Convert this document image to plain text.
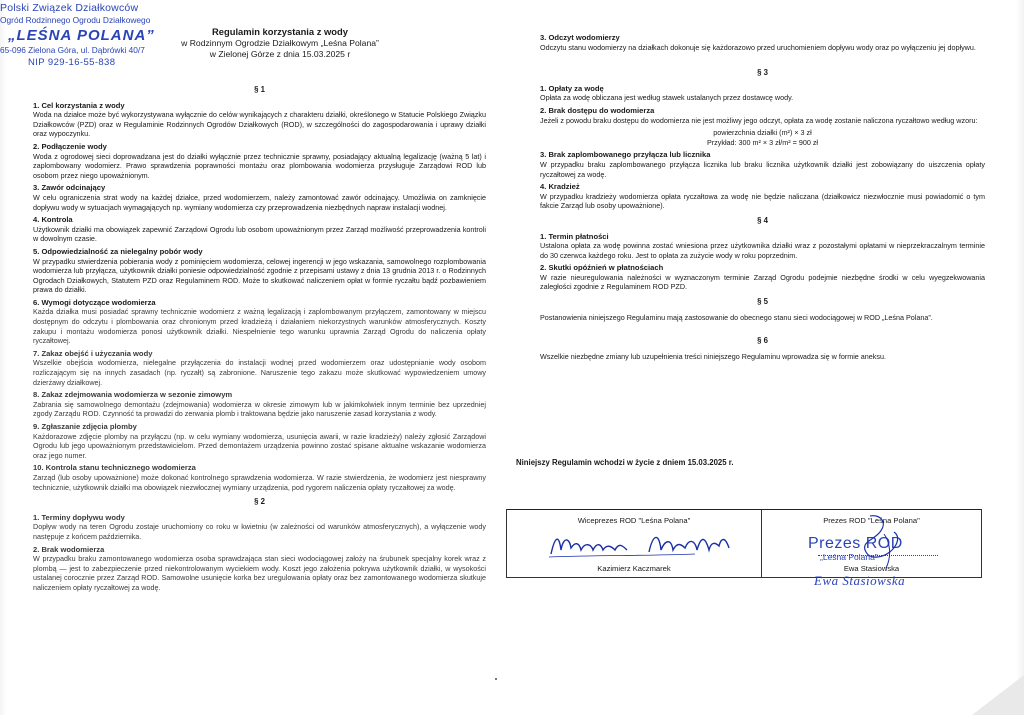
Polski Związek Działkowców
Ogród Rodzinnego Ogrodu Działkowego
„LEŚNA POLANA”
65-096 Zielona Góra, ul. Dąbrówki 40/7
NIP 929-16-55-838
Regulamin korzystania z wody
w Rodzinnym Ogrodzie Działkowym „Leśna Polana”
w Zielonej Górze z dnia 15.03.2025 r
§ 1

1. Cel korzystania z wody

Woda na działce może być wykorzystywana wyłącznie do celów wynikających z charakteru działki, określonego w Statucie Polskiego Związku Działkowców (PZD) oraz w Regulaminie Rodzinnych Ogrodów Działkowych (ROD), w szczególności do zagospodarowania i uprawy działki oraz wypoczynku.

2. Podłączenie wody

Woda z ogrodowej sieci doprowadzana jest do działki wyłącznie przez technicznie sprawny, posiadający aktualną legalizację (ważną 5 lat) i zaplombowany wodomierz. Prawo sprawdzenia poprawności montażu oraz plombowania wodomierza przysługuje Zarządowi ROD lub osobom przez niego upoważnionym.

3. Zawór odcinający

W celu ograniczenia strat wody na każdej działce, przed wodomierzem, należy zamontować zawór odcinający. Umożliwia on zamknięcie dopływu wody w sytuacjach wymagających np. wymiany wodomierza czy przeprowadzenia niezbędnych napraw instalacji wodnej.

4. Kontrola

Użytkownik działki ma obowiązek zapewnić Zarządowi Ogrodu lub osobom upoważnionym przez Zarząd możliwość przeprowadzenia kontroli w dowolnym czasie.

5. Odpowiedzialność za nielegalny pobór wody

W przypadku stwierdzenia pobierania wody z pominięciem wodomierza, celowej ingerencji w jego wskazania, samowolnego rozplombowania wodomierza lub przyłącza, użytkownik działki poniesie odpowiedzialność zgodnie z przepisami ustawy z dnia 13 grudnia 2013 r. o Rodzinnych Ogrodach Działkowych, Statutem PZD oraz Regulaminem ROD. Może to skutkować naliczeniem opłat w formie ryczałtu bądź pozbawieniem prawa do działki.

6. Wymogi dotyczące wodomierza

Każda działka musi posiadać sprawny technicznie wodomierz z ważną legalizacją i zaplombowanym przyłączem, zamontowany w miejscu dostępnym do odczytu i plombowania oraz chronionym przed kradzieżą i działaniem niekorzystnych warunków atmosferycznych. Koszty zakupu i montażu wodomierza ponosi użytkownik działki. Niespełnienie tego warunku uprawnia Zarząd Ogrodu do naliczenia opłaty ryczałtowej.

7. Zakaz obejść i użyczania wody

Wszelkie obejścia wodomierza, nielegalne przyłączenia do instalacji wodnej przed wodomierzem oraz udostępnianie wody osobom rozliczającym się na innych zasadach (np. ryczałt) są zabronione. Naruszenie tego zakazu może skutkować wypowiedzeniem umowy dzierżawy działkowej.

8. Zakaz zdejmowania wodomierza w sezonie zimowym

Zabrania się samowolnego demontażu (zdejmowania) wodomierza w okresie zimowym lub w jakimkolwiek innym terminie bez uprzedniej zgody Zarządu ROD. Czynność ta prowadzi do zerwania plomb i traktowana będzie jako naruszenie zasad korzystania z wody.

9. Zgłaszanie zdjęcia plomby

Każdorazowe zdjęcie plomby na przyłączu (np. w celu wymiany wodomierza, usunięcia awarii, w razie kradzieży) należy zgłosić Zarządowi Ogrodu lub jego upoważnionym przedstawicielom. Przed demontażem urządzenia powinno zostać spisane aktualne wskazanie wodomierza oraz jego numer.

10. Kontrola stanu technicznego wodomierza

Zarząd (lub osoby upoważnione) może dokonać kontrolnego sprawdzenia wodomierza. W razie stwierdzenia, że wodomierz jest niesprawny technicznie, użytkownik działki ma obowiązek niezwłocznej wymiany urządzenia, pod rygorem naliczenia opłaty ryczałtowej za wodę.

§ 2

1. Terminy dopływu wody

Dopływ wody na teren Ogrodu zostaje uruchomiony co roku w kwietniu (w zależności od warunków atmosferycznych), a wyłączenie wody następuje z końcem października.

2. Brak wodomierza

W przypadku braku zamontowanego wodomierza osoba sprawdzająca stan sieci wodociągowej założy na śrubunek specjalny korek wraz z plombą — jest to zabezpieczenie przed niekontrolowanym wyciekiem wody. Koszt jego założenia pokrywa użytkownik działki, w wysokości ustalanej corocznie przez Zarząd ROD. Samowolne usunięcie korka bez uregulowania opłaty oraz bez zamontowanego wodomierza skutkuje naliczeniem opłaty ryczałtowej za wodę.

3. Odczyt wodomierzy

Odczytu stanu wodomierzy na działkach dokonuje się każdorazowo przed uruchomieniem dopływu wody oraz po wyłączeniu jej dopływu.

§ 3

1. Opłaty za wodę

Opłata za wodę obliczana jest według stawek ustalanych przez dostawcę wody.

2. Brak dostępu do wodomierza

Jeżeli z powodu braku dostępu do wodomierza nie jest możliwy jego odczyt, opłata za wodę zostanie naliczona ryczałtowo według wzoru:

powierzchnia działki (m²) × 3 zł

Przykład: 300 m² × 3 zł/m² = 900 zł

3. Brak zaplombowanego przyłącza lub licznika

W przypadku braku zaplombowanego przyłącza licznika lub braku licznika użytkownik działki jest zobowiązany do uiszczenia opłaty ryczałtowej za wodę.

4. Kradzież

W przypadku kradzieży wodomierza opłata ryczałtowa za wodę nie będzie naliczana (działkowicz niezwłocznie musi powiadomić o tym fakcie Zarząd lub osoby upoważnione).

§ 4

1. Termin płatności

Ustalona opłata za wodę powinna zostać wniesiona przez użytkownika działki wraz z pozostałymi opłatami w nieprzekraczalnym terminie do 30 czerwca każdego roku. Jest to opłata za zużycie wody w roku poprzednim.

2. Skutki opóźnień w płatnościach

W razie nieuregulowania należności w wyznaczonym terminie Zarząd Ogrodu podejmie niezbędne środki w celu wyegzekwowania zaległości zgodnie z Regulaminem ROD PZD.

§ 5

Postanowienia niniejszego Regulaminu mają zastosowanie do obecnego stanu sieci wodociągowej w ROD „Leśna Polana”.

§ 6

Wszelkie niezbędne zmiany lub uzupełnienia treści niniejszego Regulaminu wprowadza się w formie aneksu.

Niniejszy Regulamin wchodzi w życie z dniem 15.03.2025 r.
Wiceprezes ROD "Leśna Polana"
Kazimierz Kaczmarek
Prezes ROD "Leśna Polana"
Ewa Stasiowska
Prezes ROD
„Leśna Polana”
Ewa Stasiowska
